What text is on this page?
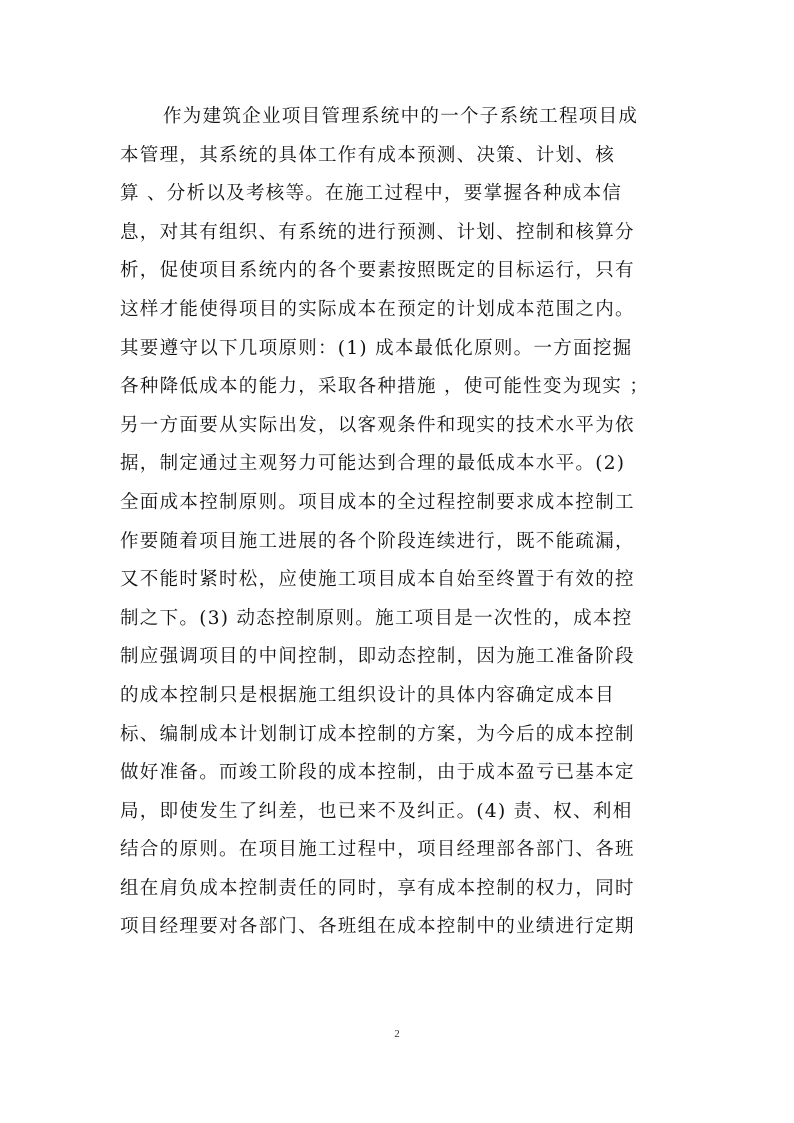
作为建筑企业项目管理系统中的一个子系统工程项目成
本管理，其系统的具体工作有成本预测、决策、计划、核
算 、分析以及考核等。在施工过程中，要掌握各种成本信
息，对其有组织、有系统的进行预测、计划、控制和核算分
析，促使项目系统内的各个要素按照既定的目标运行，只有
这样才能使得项目的实际成本在预定的计划成本范围之内。
其要遵守以下几项原则：(1) 成本最低化原则。一方面挖掘
各种降低成本的能力，采取各种措施 ，使可能性变为现实 ；
另一方面要从实际出发，以客观条件和现实的技术水平为依
据，制定通过主观努力可能达到合理的最低成本水平。(2)
全面成本控制原则。项目成本的全过程控制要求成本控制工
作要随着项目施工进展的各个阶段连续进行，既不能疏漏，
又不能时紧时松，应使施工项目成本自始至终置于有效的控
制之下。(3) 动态控制原则。施工项目是一次性的，成本控
制应强调项目的中间控制，即动态控制，因为施工准备阶段
的成本控制只是根据施工组织设计的具体内容确定成本目
标、编制成本计划制订成本控制的方案，为今后的成本控制
做好准备。而竣工阶段的成本控制，由于成本盈亏已基本定
局，即使发生了纠差，也已来不及纠正。(4) 责、权、利相
结合的原则。在项目施工过程中，项目经理部各部门、各班
组在肩负成本控制责任的同时，享有成本控制的权力，同时
项目经理要对各部门、各班组在成本控制中的业绩进行定期
2
